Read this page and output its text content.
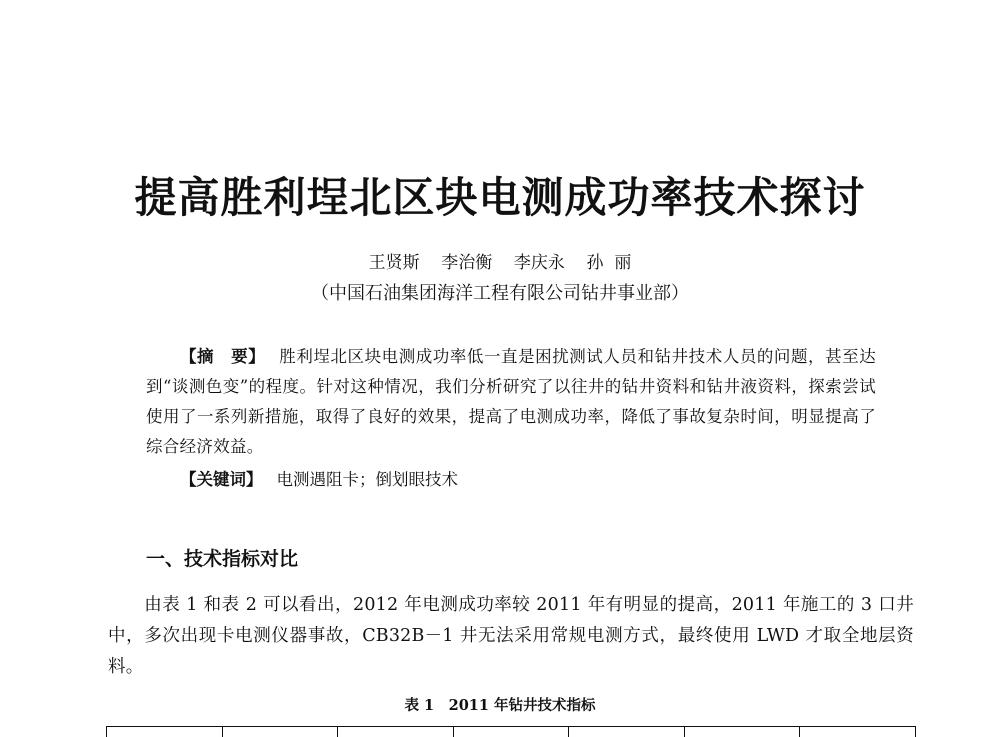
提高胜利埕北区块电测成功率技术探讨
王贤斯    李治衡    李庆永    孙  丽
（中国石油集团海洋工程有限公司钻井事业部）
【摘　要】 胜利埕北区块电测成功率低一直是困扰测试人员和钻井技术人员的问题，甚至达到“谈测色变”的程度。针对这种情况，我们分析研究了以往井的钻井资料和钻井液资料，探索尝试使用了一系列新措施，取得了良好的效果，提高了电测成功率，降低了事故复杂时间，明显提高了综合经济效益。
【关键词】 电测遇阻卡；倒划眼技术
一、技术指标对比
由表 1 和表 2 可以看出，2012 年电测成功率较 2011 年有明显的提高，2011 年施工的 3 口井中，多次出现卡电测仪器事故，CB32B－1 井无法采用常规电测方式，最终使用 LWD 才取全地层资料。
表 1　2011 年钻井技术指标
